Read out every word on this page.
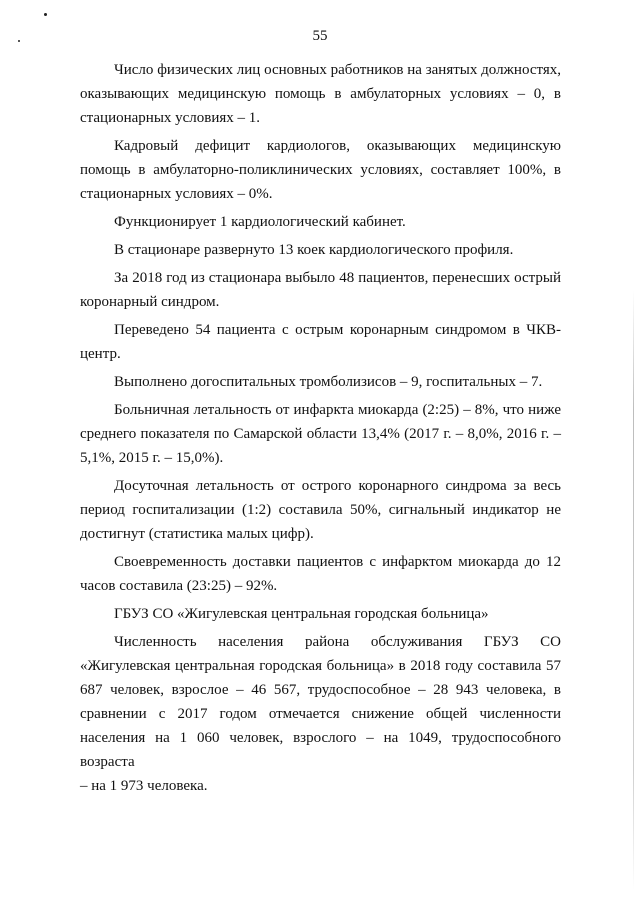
55
Число физических лиц основных работников на занятых должностях,
оказывающих медицинскую помощь в амбулаторных условиях – 0, в
стационарных условиях – 1.
Кадровый дефицит кардиологов, оказывающих медицинскую
помощь в амбулаторно-поликлинических условиях, составляет 100%, в
стационарных условиях – 0%.
Функционирует 1 кардиологический кабинет.
В стационаре развернуто 13 коек кардиологического профиля.
За 2018 год из стационара выбыло 48 пациентов, перенесших острый
коронарный синдром.
Переведено 54 пациента с острым коронарным синдромом в ЧКВ-
центр.
Выполнено догоспитальных тромболизисов – 9, госпитальных – 7.
Больничная летальность от инфаркта миокарда (2:25) – 8%, что ниже
среднего показателя по Самарской области 13,4% (2017 г. – 8,0%, 2016 г. –
5,1%, 2015 г. – 15,0%).
Досуточная летальность от острого коронарного синдрома за весь
период госпитализации (1:2) составила 50%, сигнальный индикатор не
достигнут (статистика малых цифр).
Своевременность доставки пациентов с инфарктом миокарда до 12
часов составила (23:25) – 92%.
ГБУЗ СО «Жигулевская центральная городская больница»
Численность населения района обслуживания ГБУЗ СО
«Жигулевская центральная городская больница» в 2018 году составила 57
687 человек, взрослое – 46 567, трудоспособное – 28 943 человека, в
сравнении с 2017 годом отмечается снижение общей численности
населения на 1 060 человек, взрослого – на 1049, трудоспособного возраста
– на 1 973 человека.
